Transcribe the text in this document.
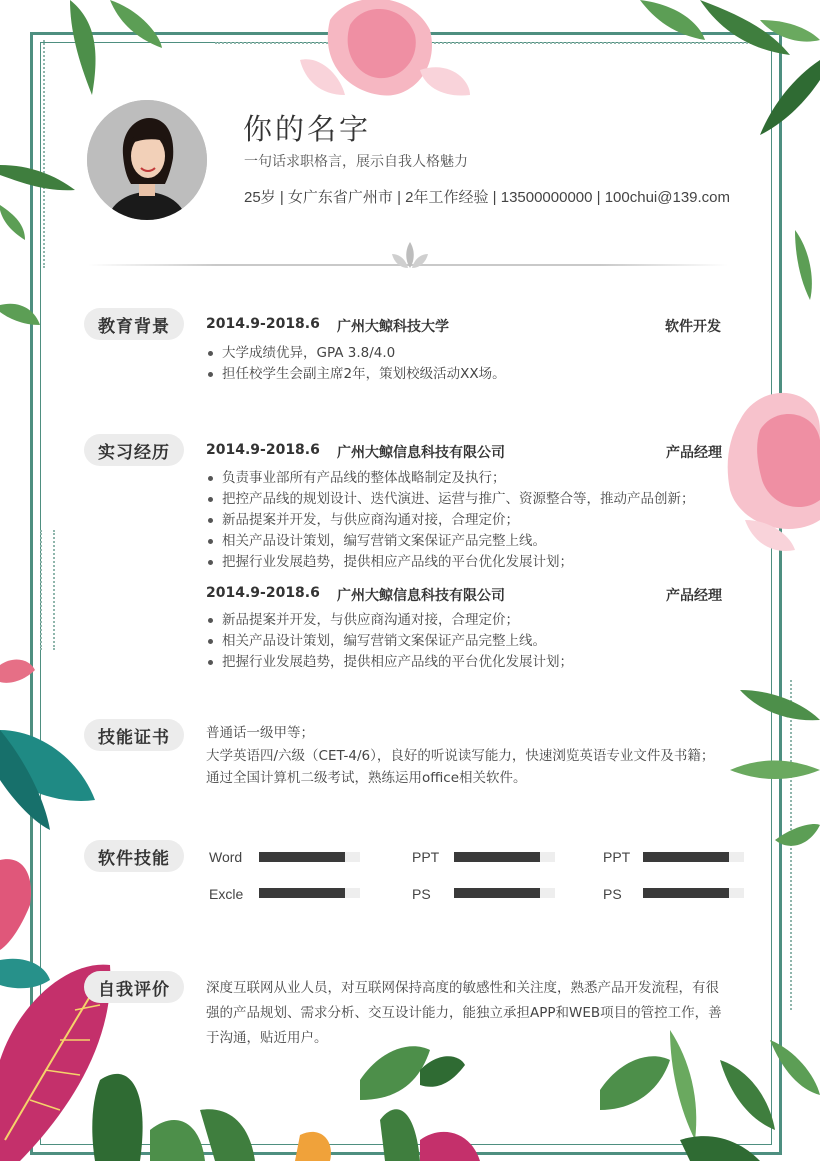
你的名字
一句话求职格言，展示自我人格魅力
25岁 | 女广东省广州市 | 2年工作经验 | 13500000000 | 100chui@139.com
教育背景	2014.9-2018.6 广州大鲸科技大学	软件开发
大学成绩优异，GPA 3.8/4.0
担任校学生会副主席2年，策划校级活动XX场。
实习经历	2014.9-2018.6 广州大鲸信息科技有限公司	产品经理
负责事业部所有产品线的整体战略制定及执行；
把控产品线的规划设计、迭代演进、运营与推广、资源整合等，推动产品创新；
新品提案并开发，与供应商沟通对接，合理定价；
相关产品设计策划，编写营销文案保证产品完整上线。
把握行业发展趋势，提供相应产品线的平台优化发展计划；
2014.9-2018.6 广州大鲸信息科技有限公司	产品经理
新品提案并开发，与供应商沟通对接，合理定价；
相关产品设计策划，编写营销文案保证产品完整上线。
把握行业发展趋势，提供相应产品线的平台优化发展计划；
技能证书	普通话一级甲等；
大学英语四/六级（CET-4/6），良好的听说读写能力，快速浏览英语专业文件及书籍；
通过全国计算机二级考试，熟练运用office相关软件。
软件技能	Word	PPT	PPT
Excle	PS	PS
自我评价	深度互联网从业人员，对互联网保持高度的敏感性和关注度，熟悉产品开发流程，有很
强的产品规划、需求分析、交互设计能力，能独立承担APP和WEB项目的管控工作，善
于沟通，贴近用户。
